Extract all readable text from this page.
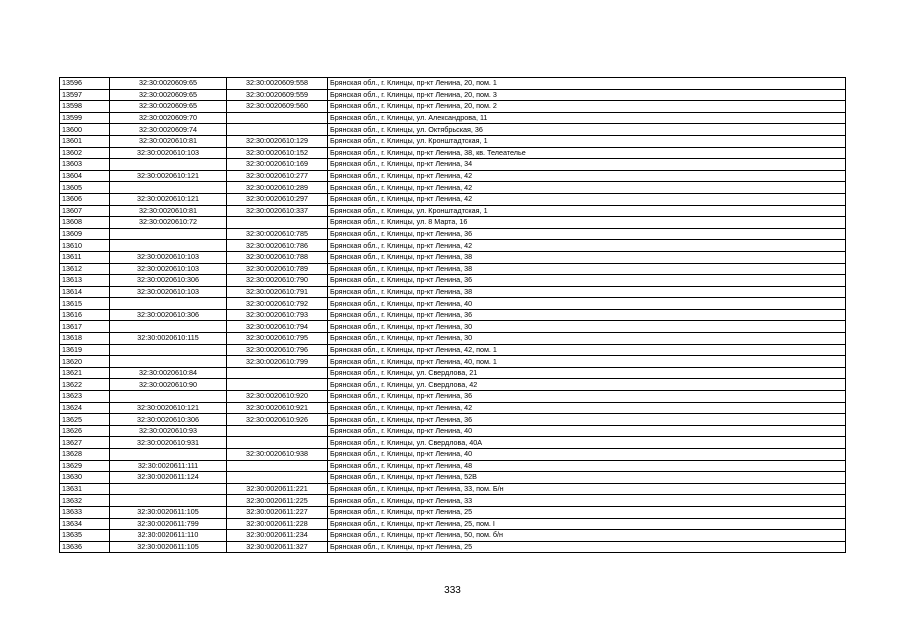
13596	32:30:0020609:65	32:30:0020609:558	Брянская обл., г. Клинцы, пр-кт Ленина, 20, пом. 1
13597	32:30:0020609:65	32:30:0020609:559	Брянская обл., г. Клинцы, пр-кт Ленина, 20, пом. 3
13598	32:30:0020609:65	32:30:0020609:560	Брянская обл., г. Клинцы, пр-кт Ленина, 20, пом. 2
13599	32:30:0020609:70		Брянская обл., г. Клинцы, ул. Александрова, 11
13600	32:30:0020609:74		Брянская обл., г. Клинцы, ул. Октябрьская, 36
13601	32:30:0020610:81	32:30:0020610:129	Брянская обл., г. Клинцы, ул. Кронштадтская, 1
13602	32:30:0020610:103	32:30:0020610:152	Брянская обл., г. Клинцы, пр-кт Ленина, 38, кв. Телеателье
13603		32:30:0020610:169	Брянская обл., г. Клинцы, пр-кт Ленина, 34
13604	32:30:0020610:121	32:30:0020610:277	Брянская обл., г. Клинцы, пр-кт Ленина, 42
13605		32:30:0020610:289	Брянская обл., г. Клинцы, пр-кт Ленина, 42
13606	32:30:0020610:121	32:30:0020610:297	Брянская обл., г. Клинцы, пр-кт Ленина, 42
13607	32:30:0020610:81	32:30:0020610:337	Брянская обл., г. Клинцы, ул. Кронштадтская, 1
13608	32:30:0020610:72		Брянская обл., г. Клинцы, ул. 8 Марта, 16
13609		32:30:0020610:785	Брянская обл., г. Клинцы, пр-кт Ленина, 36
13610		32:30:0020610:786	Брянская обл., г. Клинцы, пр-кт Ленина, 42
13611	32:30:0020610:103	32:30:0020610:788	Брянская обл., г. Клинцы, пр-кт Ленина, 38
13612	32:30:0020610:103	32:30:0020610:789	Брянская обл., г. Клинцы, пр-кт Ленина, 38
13613	32:30:0020610:306	32:30:0020610:790	Брянская обл., г. Клинцы, пр-кт Ленина, 36
13614	32:30:0020610:103	32:30:0020610:791	Брянская обл., г. Клинцы, пр-кт Ленина, 38
13615		32:30:0020610:792	Брянская обл., г. Клинцы, пр-кт Ленина, 40
13616	32:30:0020610:306	32:30:0020610:793	Брянская обл., г. Клинцы, пр-кт Ленина, 36
13617		32:30:0020610:794	Брянская обл., г. Клинцы, пр-кт Ленина, 30
13618	32:30:0020610:115	32:30:0020610:795	Брянская обл., г. Клинцы, пр-кт Ленина, 30
13619		32:30:0020610:796	Брянская обл., г. Клинцы, пр-кт Ленина, 42, пом. 1
13620		32:30:0020610:799	Брянская обл., г. Клинцы, пр-кт Ленина, 40, пом. 1
13621	32:30:0020610:84		Брянская обл., г. Клинцы, ул. Свердлова, 21
13622	32:30:0020610:90		Брянская обл., г. Клинцы, ул. Свердлова, 42
13623		32:30:0020610:920	Брянская обл., г. Клинцы, пр-кт Ленина, 36
13624	32:30:0020610:121	32:30:0020610:921	Брянская обл., г. Клинцы, пр-кт Ленина, 42
13625	32:30:0020610:306	32:30:0020610:926	Брянская обл., г. Клинцы, пр-кт Ленина, 36
13626	32:30:0020610:93		Брянская обл., г. Клинцы, пр-кт Ленина, 40
13627	32:30:0020610:931		Брянская обл., г. Клинцы, ул. Свердлова, 40А
13628		32:30:0020610:938	Брянская обл., г. Клинцы, пр-кт Ленина, 40
13629	32:30:0020611:111		Брянская обл., г. Клинцы, пр-кт Ленина, 48
13630	32:30:0020611:124		Брянская обл., г. Клинцы, пр-кт Ленина, 52В
13631		32:30:0020611:221	Брянская обл., г. Клинцы, пр-кт Ленина, 33, пом. Б/н
13632		32:30:0020611:225	Брянская обл., г. Клинцы, пр-кт Ленина, 33
13633	32:30:0020611:105	32:30:0020611:227	Брянская обл., г. Клинцы, пр-кт Ленина, 25
13634	32:30:0020611:799	32:30:0020611:228	Брянская обл., г. Клинцы, пр-кт Ленина, 25, пом. I
13635	32:30:0020611:110	32:30:0020611:234	Брянская обл., г. Клинцы, пр-кт Ленина, 50, пом. б/н
13636	32:30:0020611:105	32:30:0020611:327	Брянская обл., г. Клинцы, пр-кт Ленина, 25
333
